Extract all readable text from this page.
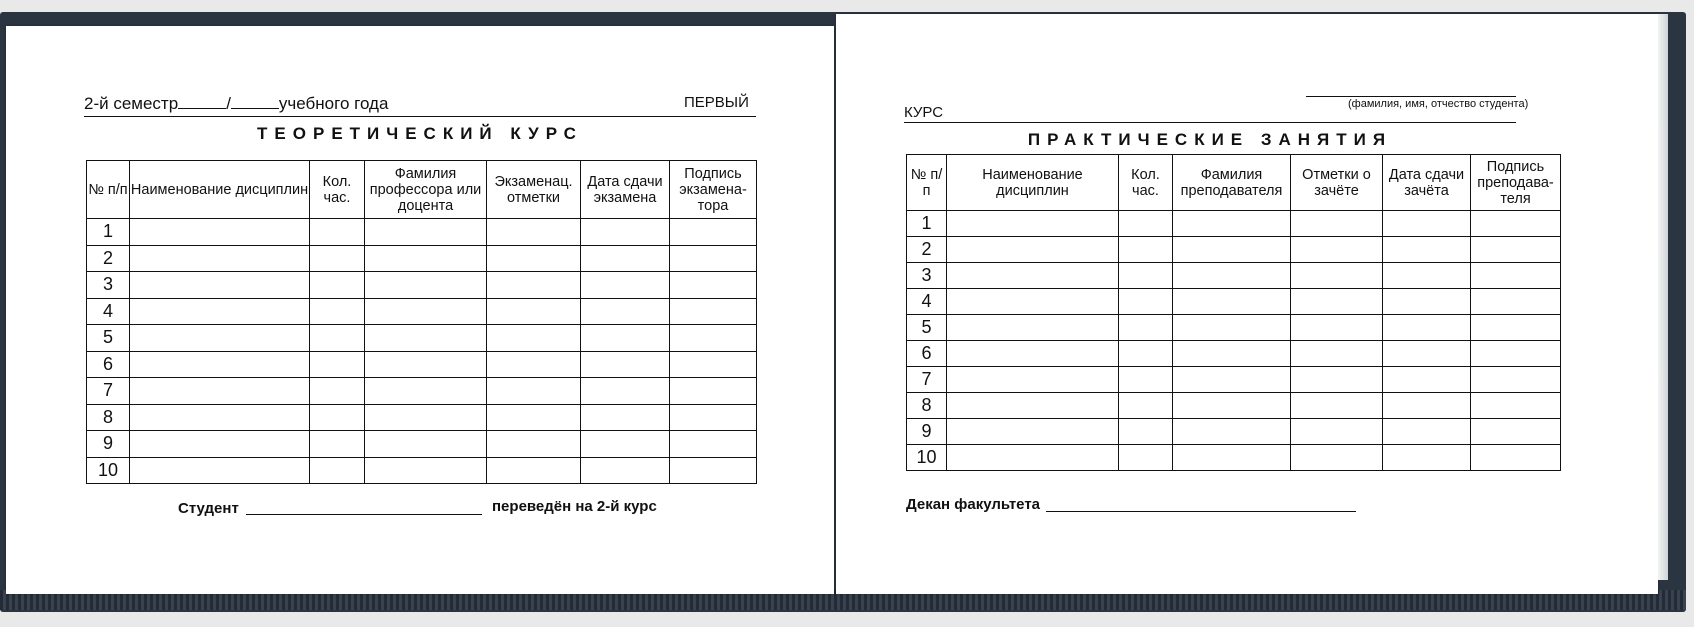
2-й семестр	/	учебного года	ПЕРВЫЙ
ТЕОРЕТИЧЕСКИЙ КУРС
№ п/п	Наименование дисциплин	Кол. час.	Фамилия профессора или доцента	Экзаменац. отметки	Дата сдачи экзамена	Подпись экзамена-тора
1						
2						
3						
4						
5						
6						
7						
8						
9						
10						
Студент	переведён на 2-й курс
КУРС	(фамилия, имя, отчество студента)
ПРАКТИЧЕСКИЕ ЗАНЯТИЯ
№ п/п	Наименование дисциплин	Кол. час.	Фамилия преподавателя	Отметки о зачёте	Дата сдачи зачёта	Подпись преподава-теля
1						
2						
3						
4						
5						
6						
7						
8						
9						
10						
Декан факультета
